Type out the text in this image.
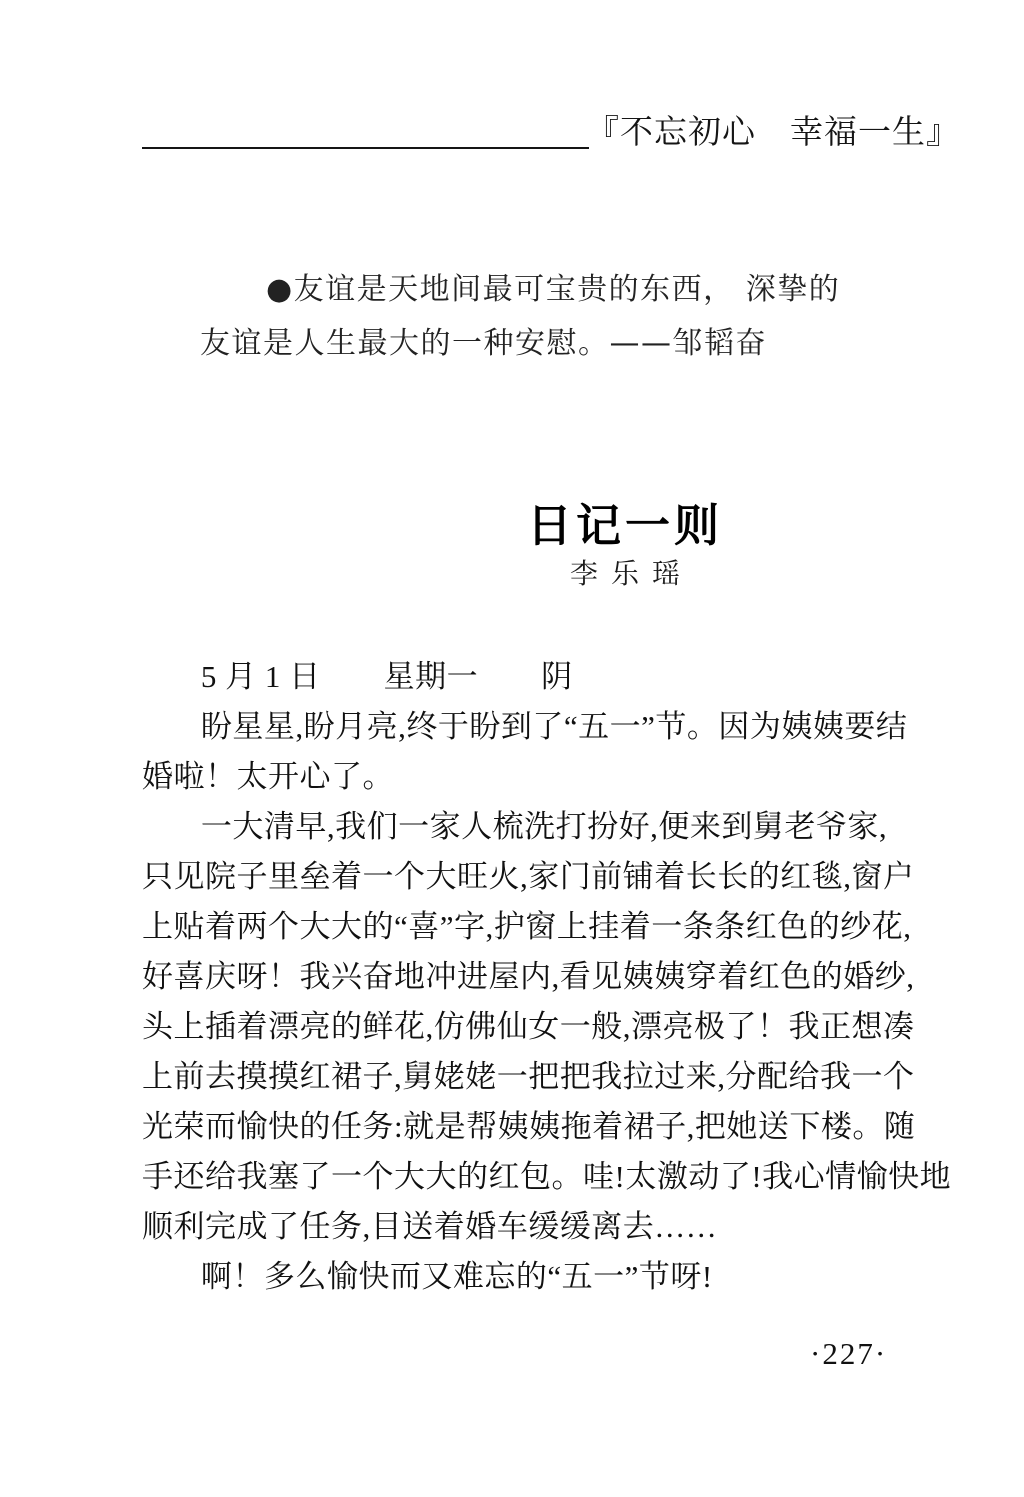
『不忘初心　幸福一生』
●友谊是天地间最可宝贵的东西， 深挚的
友谊是人生最大的一种安慰。——邹韬奋
日记一则
李乐瑶
5 月 1 日　　星期一　　阴
盼星星,盼月亮,终于盼到了“五一”节。因为姨姨要结
婚啦！太开心了。
一大清早,我们一家人梳洗打扮好,便来到舅老爷家,
只见院子里垒着一个大旺火,家门前铺着长长的红毯,窗户
上贴着两个大大的“喜”字,护窗上挂着一条条红色的纱花,
好喜庆呀！我兴奋地冲进屋内,看见姨姨穿着红色的婚纱,
头上插着漂亮的鲜花,仿佛仙女一般,漂亮极了！我正想凑
上前去摸摸红裙子,舅姥姥一把把我拉过来,分配给我一个
光荣而愉快的任务:就是帮姨姨拖着裙子,把她送下楼。随
手还给我塞了一个大大的红包。哇!太激动了!我心情愉快地
顺利完成了任务,目送着婚车缓缓离去……
啊！多么愉快而又难忘的“五一”节呀!
·227·
